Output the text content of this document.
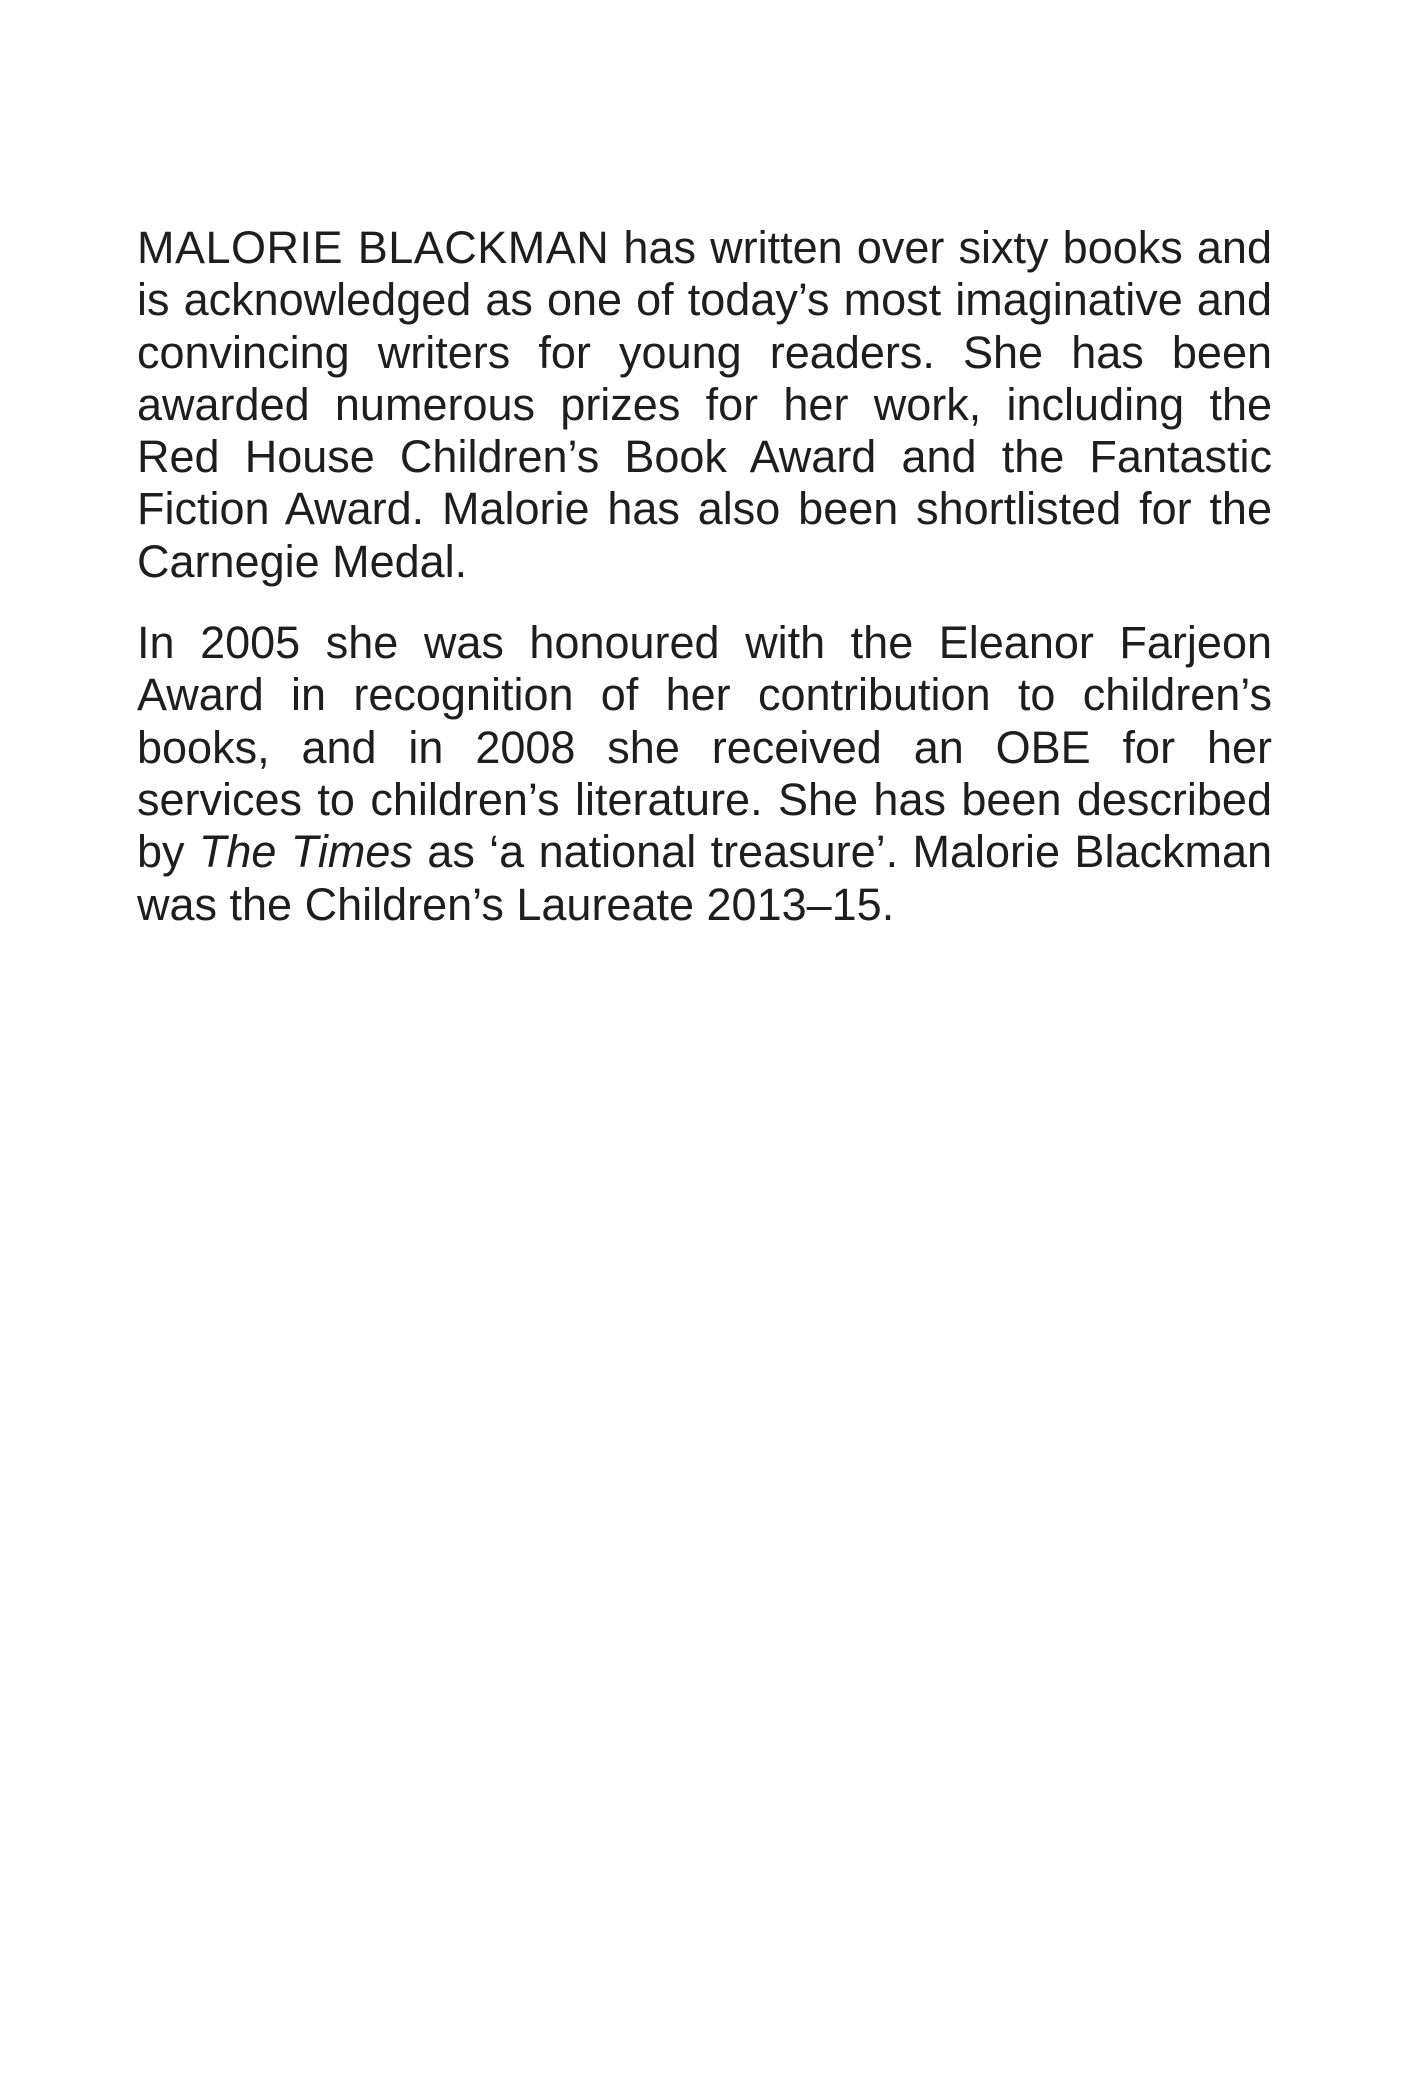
MALORIE BLACKMAN has written over sixty books and is acknowledged as one of today’s most imaginative and convincing writers for young readers. She has been awarded numerous prizes for her work, including the Red House Children’s Book Award and the Fantastic Fiction Award. Malorie has also been shortlisted for the Carnegie Medal.

In 2005 she was honoured with the Eleanor Farjeon Award in recognition of her contribution to children’s books, and in 2008 she received an OBE for her services to children’s literature. She has been described by The Times as ‘a national treasure’. Malorie Blackman was the Children’s Laureate 2013–15.
